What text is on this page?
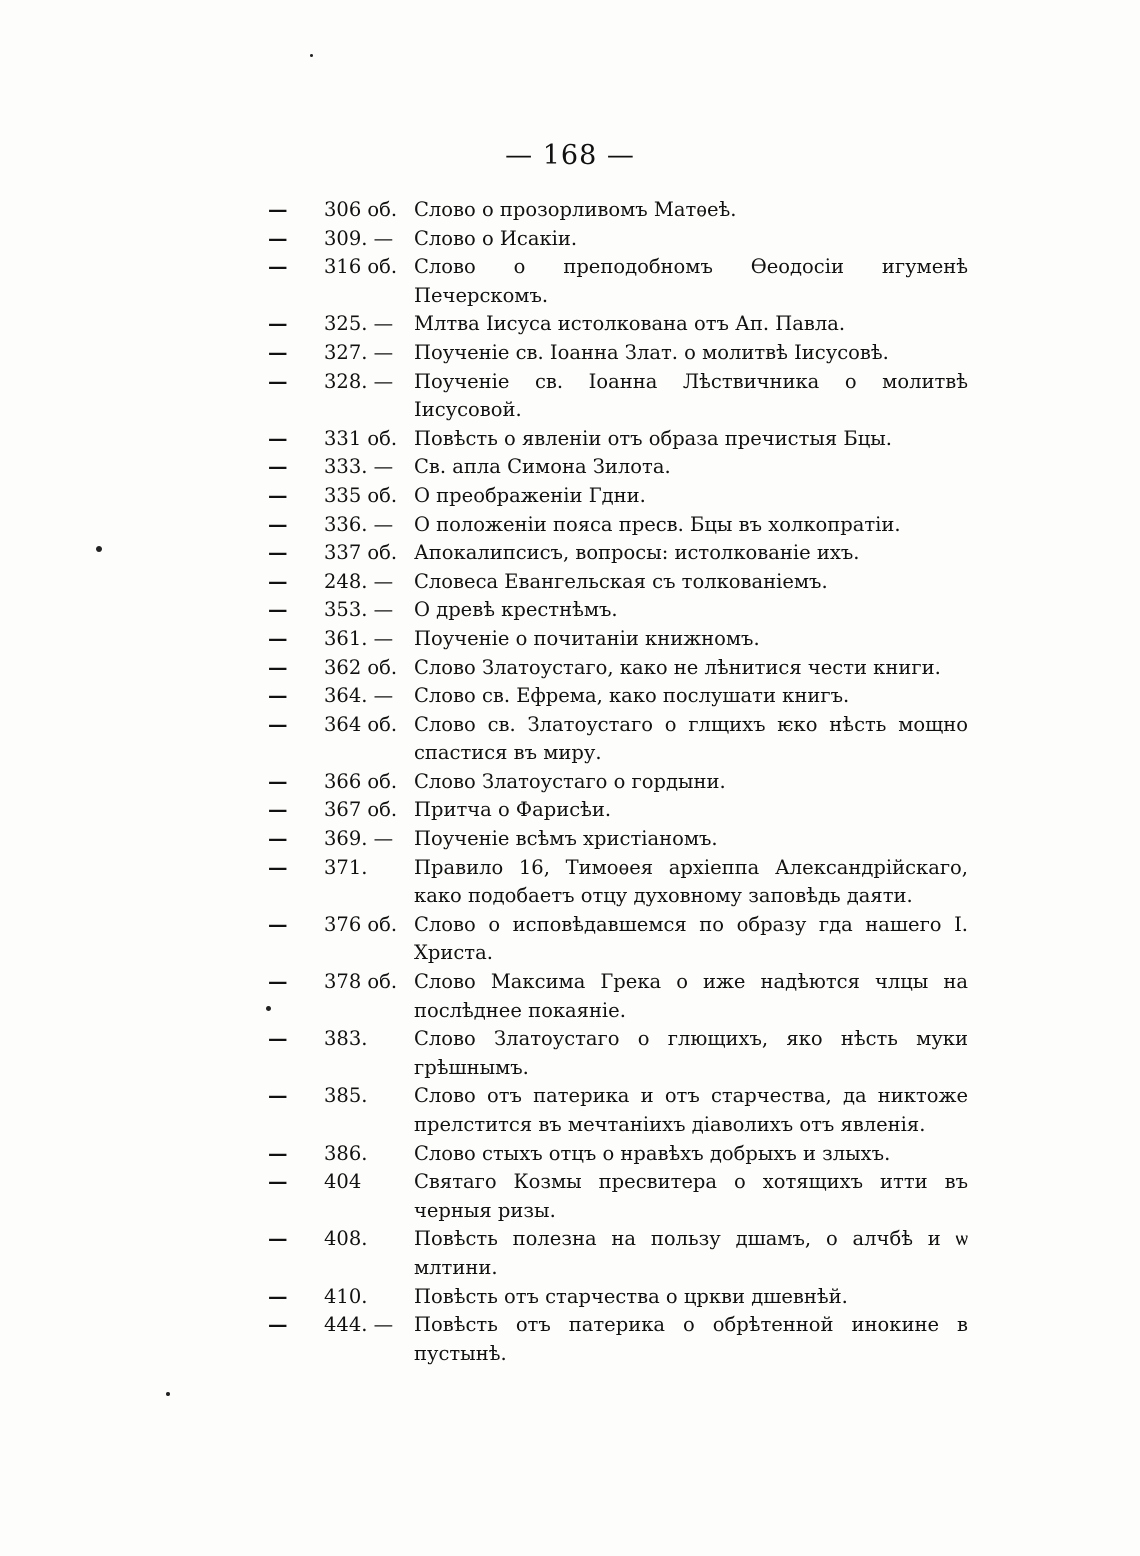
— 168 —
—	306 об. Слово о прозорливомъ Матѳеѣ.
—	309. —	Слово о Исакіи.
—	316 об. Слово о преподобномъ Ѳеодосіи игуменѣ Печерскомъ.
—	325. —	Млтва Іисуса истолкована отъ Ап. Павла.
—	327. —	Поученіе св. Іоанна Злат. о молитвѣ Іисусовѣ.
—	328. —	Поученіе св. Іоанна Лѣствичника о молитвѣ Іисусовой.
—	331 об. Повѣсть о явленіи отъ образа пречистыя Бцы.
—	333. —	Св. апла Симона Зилота.
—	335 об. О преображеніи Гдни.
—	336. —	О положеніи пояса пресв. Бцы въ холкопратіи.
—	337 об. Апокалипсисъ, вопросы: истолкованіе ихъ.
—	248. —	Словеса Евангельская съ толкованіемъ.
—	353. —	О древѣ крестнѣмъ.
—	361. —	Поученіе о почитаніи книжномъ.
—	362 об. Слово Златоустаго, како не лѣнитися чести книги.
—	364. —	Слово св. Ефрема, како послушати книгъ.
—	364 об. Слово св. Златоустаго о глщихъ ѥко нѣсть мощно спастися въ миру.
—	366 об. Слово Златоустаго о гордыни.
—	367 об. Притча о Фарисѣи.
—	369. —	Поученіе всѣмъ христіаномъ.
—	371.	Правило 16, Тимоѳея архіеппа Александрійскаго, како подобаетъ отцу духовному заповѣдь даяти.
—	376 об. Слово о исповѣдавшемся по образу гда нашего І. Христа.
—	378 об. Слово Максима Грека о иже надѣются члцы на послѣднее покаяніе.
—	383.	Слово Златоустаго о глющихъ, яко нѣсть муки грѣшнымъ.
—	385.	Слово отъ патерика и отъ старчества, да никтоже прелстится въ мечтаніихъ діаволихъ отъ явленія.
—	386.	Слово стыхъ отцъ о нравѣхъ добрыхъ и злыхъ.
—	404	Святаго Козмы пресвитера о хотящихъ итти въ черныя ризы.
—	408.	Повѣсть полезна на пользу дшамъ, о алчбѣ и ѡ млтини.
—	410.	Повѣсть отъ старчества о цркви дшевнѣй.
—	444. —	Повѣсть отъ патерика о обрѣтенной инокине в пустынѣ.
